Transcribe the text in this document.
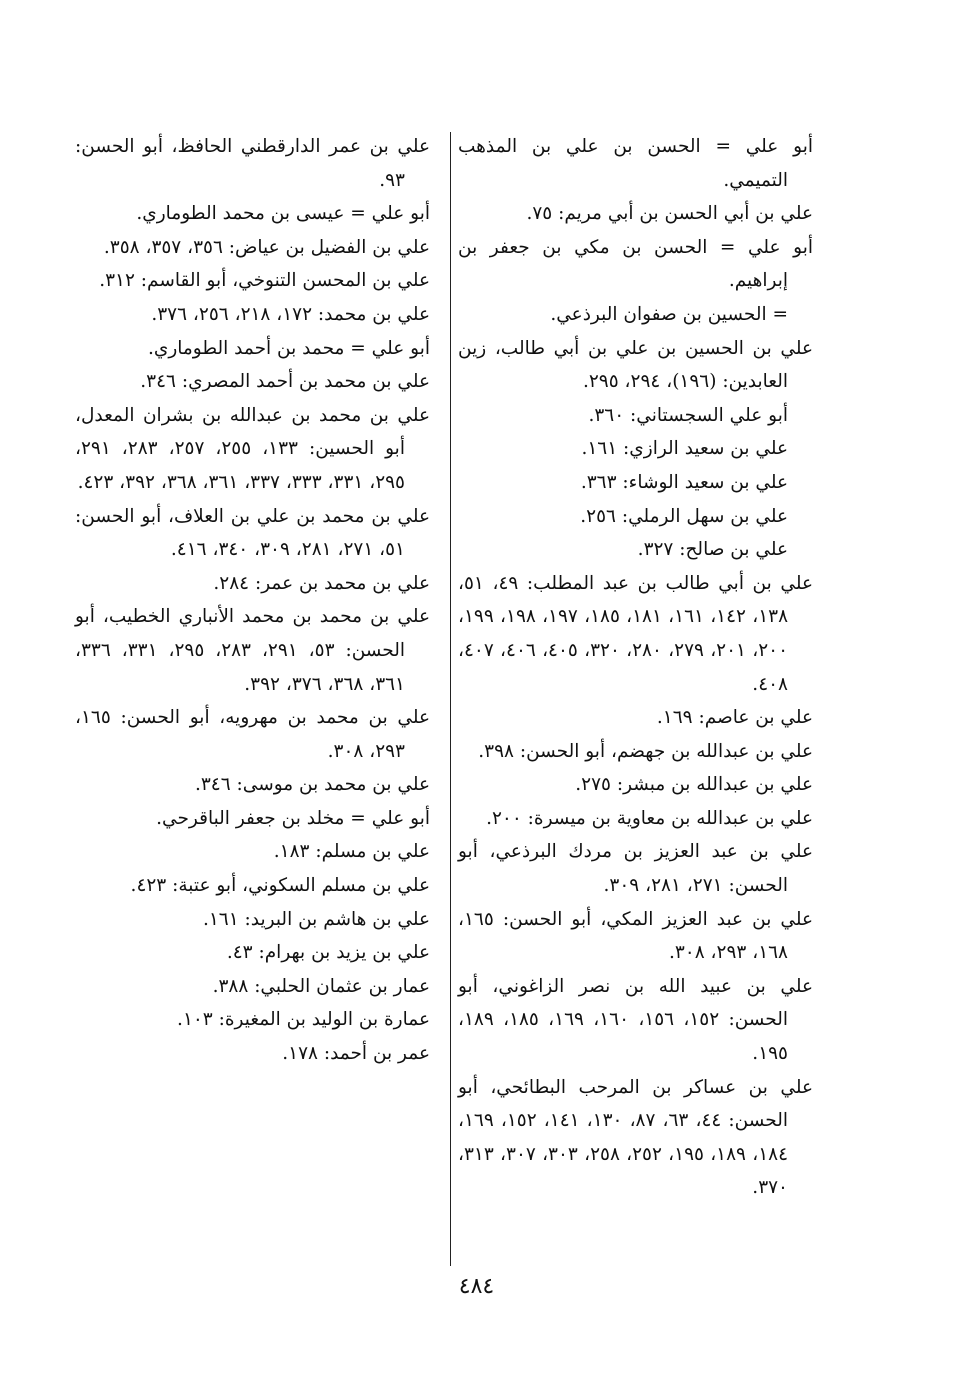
أبو علي = الحسن بن علي بن المذهب التميمي.

علي بن أبي الحسن بن أبي مريم: ٧٥.

أبو علي = الحسن بن مكي بن جعفر بن إبراهيم.

= الحسين بن صفوان البرذعي.

علي بن الحسين بن علي بن أبي طالب، زين العابدين: (١٩٦)، ٢٩٤، ٢٩٥.

أبو علي السجستاني: ٣٦٠.

علي بن سعيد الرازي: ١٦١.

علي بن سعيد الوشاء: ٣٦٣.

علي بن سهل الرملي: ٢٥٦.

علي بن صالح: ٣٢٧.

علي بن أبي طالب بن عبد المطلب: ٤٩، ٥١، ١٣٨، ١٤٢، ١٦١، ١٨١، ١٨٥، ١٩٧، ١٩٨، ١٩٩، ٢٠٠، ٢٠١، ٢٧٩، ٢٨٠، ٣٢٠، ٤٠٥، ٤٠٦، ٤٠٧، ٤٠٨.

علي بن عاصم: ١٦٩.

علي بن عبدالله بن جهضم، أبو الحسن: ٣٩٨.

علي بن عبدالله بن مبشر: ٢٧٥.

علي بن عبدالله بن معاوية بن ميسرة: ٢٠٠.

علي بن عبد العزيز بن مردك البرذعي، أبو الحسن: ٢٧١، ٢٨١، ٣٠٩.

علي بن عبد العزيز المكي، أبو الحسن: ١٦٥، ١٦٨، ٢٩٣، ٣٠٨.

علي بن عبيد الله بن نصر الزاغوني، أبو الحسن: ١٥٢، ١٥٦، ١٦٠، ١٦٩، ١٨٥، ١٨٩، ١٩٥.

علي بن عساكر بن المرحب البطائحي، أبو الحسن: ٤٤، ٦٣، ٨٧، ١٣٠، ١٤١، ١٥٢، ١٦٩، ١٨٤، ١٨٩، ١٩٥، ٢٥٢، ٢٥٨، ٣٠٣، ٣٠٧، ٣١٣، ٣٧٠.

علي بن عمر الدارقطني الحافظ، أبو الحسن: ٩٣.

أبو علي = عيسى بن محمد الطوماري.

علي بن الفضيل بن عياض: ٣٥٦، ٣٥٧، ٣٥٨.

علي بن المحسن التنوخي، أبو القاسم: ٣١٢.

علي بن محمد: ١٧٢، ٢١٨، ٢٥٦، ٣٧٦.

أبو علي = محمد بن أحمد الطوماري.

علي بن محمد بن أحمد المصري: ٣٤٦.

علي بن محمد بن عبدالله بن بشران المعدل، أبو الحسين: ١٣٣، ٢٥٥، ٢٥٧، ٢٨٣، ٢٩١، ٢٩٥، ٣٣١، ٣٣٣، ٣٣٧، ٣٦١، ٣٦٨، ٣٩٢، ٤٢٣.

علي بن محمد بن علي بن العلاف، أبو الحسن: ٥١، ٢٧١، ٢٨١، ٣٠٩، ٣٤٠، ٤١٦.

علي بن محمد بن عمر: ٢٨٤.

علي بن محمد بن محمد الأنباري الخطيب، أبو الحسن: ٥٣، ٢٩١، ٢٨٣، ٢٩٥، ٣٣١، ٣٣٦، ٣٦١، ٣٦٨، ٣٧٦، ٣٩٢.

علي بن محمد بن مهرويه، أبو الحسن: ١٦٥، ٢٩٣، ٣٠٨.

علي بن محمد بن موسى: ٣٤٦.

أبو علي = مخلد بن جعفر الباقرحي.

علي بن مسلم: ١٨٣.

علي بن مسلم السكوني، أبو عتبة: ٤٢٣.

علي بن هاشم بن البريد: ١٦١.

علي بن يزيد بن بهرام: ٤٣.

عمار بن عثمان الحلبي: ٣٨٨.

عمارة بن الوليد بن المغيرة: ١٠٣.

عمر بن أحمد: ١٧٨.

٤٨٤
